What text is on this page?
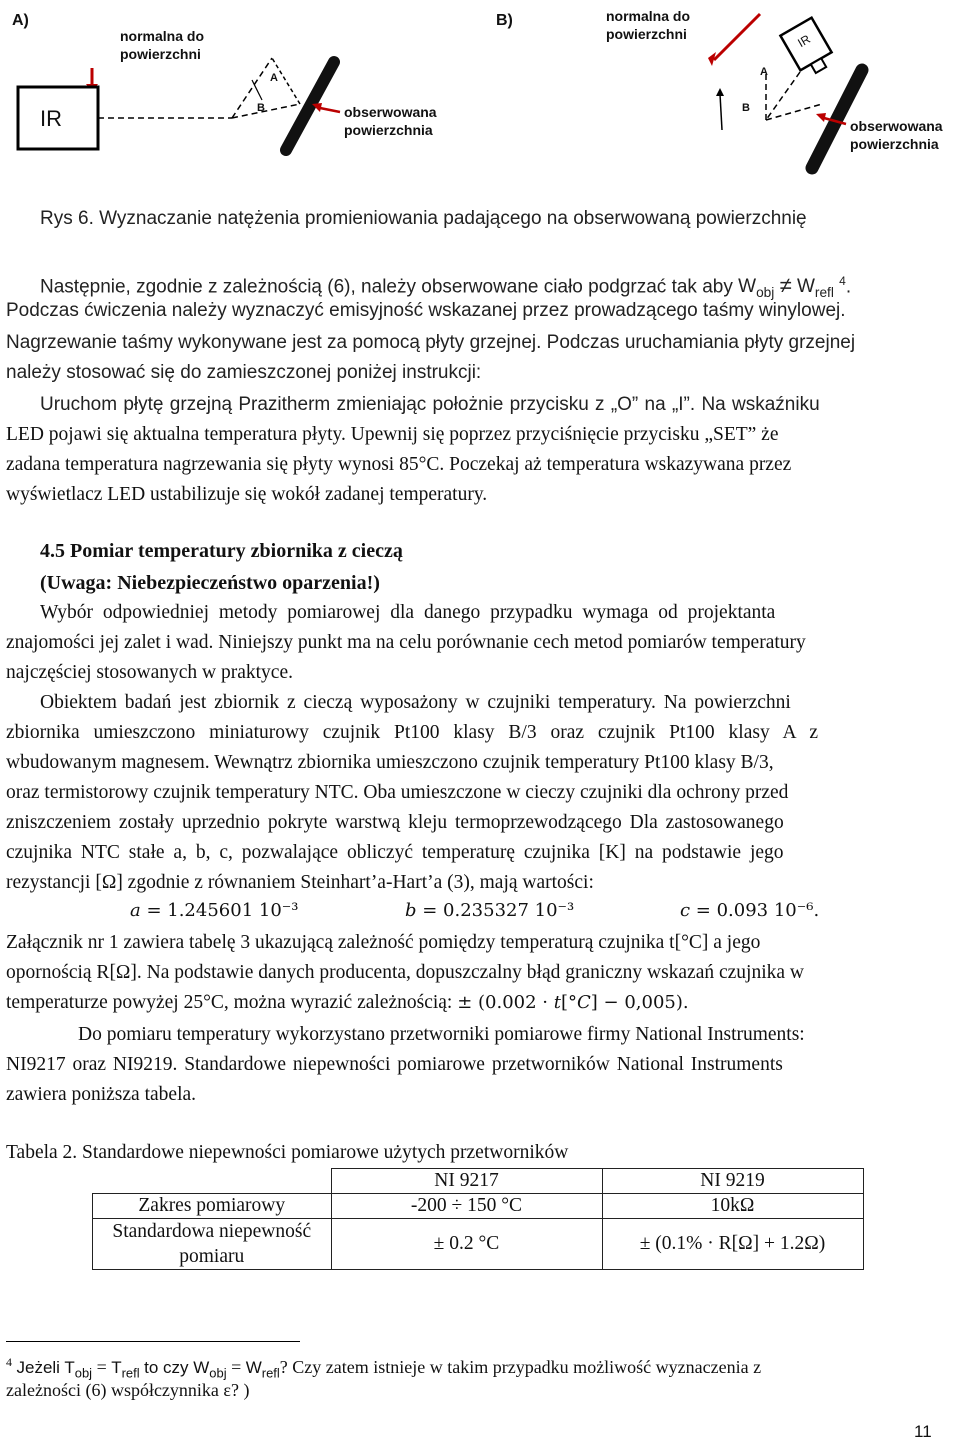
A)
normalna do
powierzchni
IR
A
B	obserwowana
powierzchnia
B)	normalna do
powierzchni	IR
A
B
obserwowana
powierzchnia
Rys 6. Wyznaczanie natężenia promieniowania padającego na obserwowaną powierzchnię
Następnie, zgodnie z zależnością (6), należy obserwowane ciało podgrzać tak aby $W_{obj} \ne W_{refl}$ $^4$.
Podczas ćwiczenia należy wyznaczyć emisyjność wskazanej przez prowadzącego taśmy winylowej.
Nagrzewanie taśmy wykonywane jest za pomocą płyty grzejnej. Podczas uruchamiania płyty grzejnej
należy stosować się do zamieszczonej poniżej instrukcji:
Uruchom płytę grzejną Prazitherm zmieniając położnie przycisku z „O” na „I”. Na wskaźniku
LED pojawi się aktualna temperatura płyty. Upewnij się poprzez przyciśnięcie przycisku „SET” że
zadana temperatura nagrzewania się płyty wynosi 85°C. Poczekaj aż temperatura wskazywana przez
wyświetlacz LED ustabilizuje się wokół zadanej temperatury.
4.5 Pomiar temperatury zbiornika z cieczą
(Uwaga: Niebezpieczeństwo oparzenia!)
Wybór odpowiedniej metody pomiarowej dla danego przypadku wymaga od projektanta
znajomości jej zalet i wad. Niniejszy punkt ma na celu porównanie cech metod pomiarów temperatury
najczęściej stosowanych w praktyce.
Obiektem badań jest zbiornik z cieczą wyposażony w czujniki temperatury. Na powierzchni
zbiornika umieszczono miniaturowy czujnik Pt100 klasy B/3 oraz czujnik Pt100 klasy A z
wbudowanym magnesem. Wewnątrz zbiornika umieszczono czujnik temperatury Pt100 klasy B/3,
oraz termistorowy czujnik temperatury NTC. Oba umieszczone w cieczy czujniki dla ochrony przed
zniszczeniem zostały uprzednio pokryte warstwą kleju termoprzewodzącego Dla zastosowanego
czujnika NTC stałe a, b, c, pozwalające obliczyć temperaturę czujnika [K] na podstawie jego
rezystancji [Ω] zgodnie z równaniem Steinhart’a-Hart’a (3), mają wartości:
𝑎 = 1.245601 10⁻³	𝑏 = 0.235327 10⁻³	𝑐 = 0.093 10⁻⁶.
Załącznik nr 1 zawiera tabelę 3 ukazującą zależność pomiędzy temperaturą czujnika t[°C] a jego
opornością R[Ω]. Na podstawie danych producenta, dopuszczalny błąd graniczny wskazań czujnika w
temperaturze powyżej 25°C, można wyrazić zależnością: ± (0.002 · 𝑡[°𝐶] − 0,005).
Do pomiaru temperatury wykorzystano przetworniki pomiarowe firmy National Instruments:
NI9217 oraz NI9219. Standardowe niepewności pomiarowe przetworników National Instruments
zawiera poniższa tabela.
Tabela 2. Standardowe niepewności pomiarowe użytych przetworników
	NI 9217	NI 9219
Zakres pomiarowy	-200 ÷ 150 °C	10kΩ

Standardowa niepewność
pomiaru	± 0.2 °C	± (0.1% · R[Ω] + 1.2Ω)
$^4$ Jeżeli $T_{obj} = T_{refl}$ to czy $W_{obj} = W_{refl}$? Czy zatem istnieje w takim przypadku możliwość wyznaczenia z
zależności (6) współczynnika ε? )
11
